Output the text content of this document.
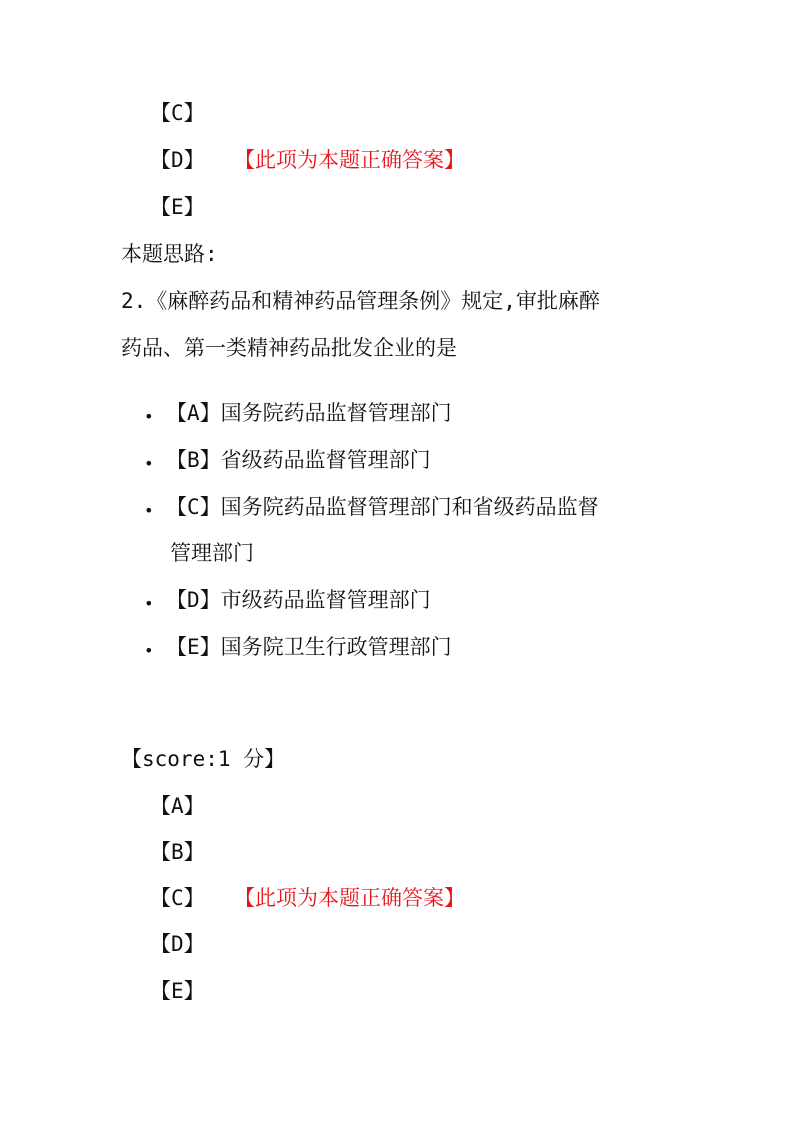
【C】
【D】 【此项为本题正确答案】
【E】
本题思路:
2.《麻醉药品和精神药品管理条例》规定,审批麻醉
药品、第一类精神药品批发企业的是
• 【A】国务院药品监督管理部门
• 【B】省级药品监督管理部门
• 【C】国务院药品监督管理部门和省级药品监督
管理部门
• 【D】市级药品监督管理部门
• 【E】国务院卫生行政管理部门
【score:1 分】
【A】
【B】
【C】 【此项为本题正确答案】
【D】
【E】
